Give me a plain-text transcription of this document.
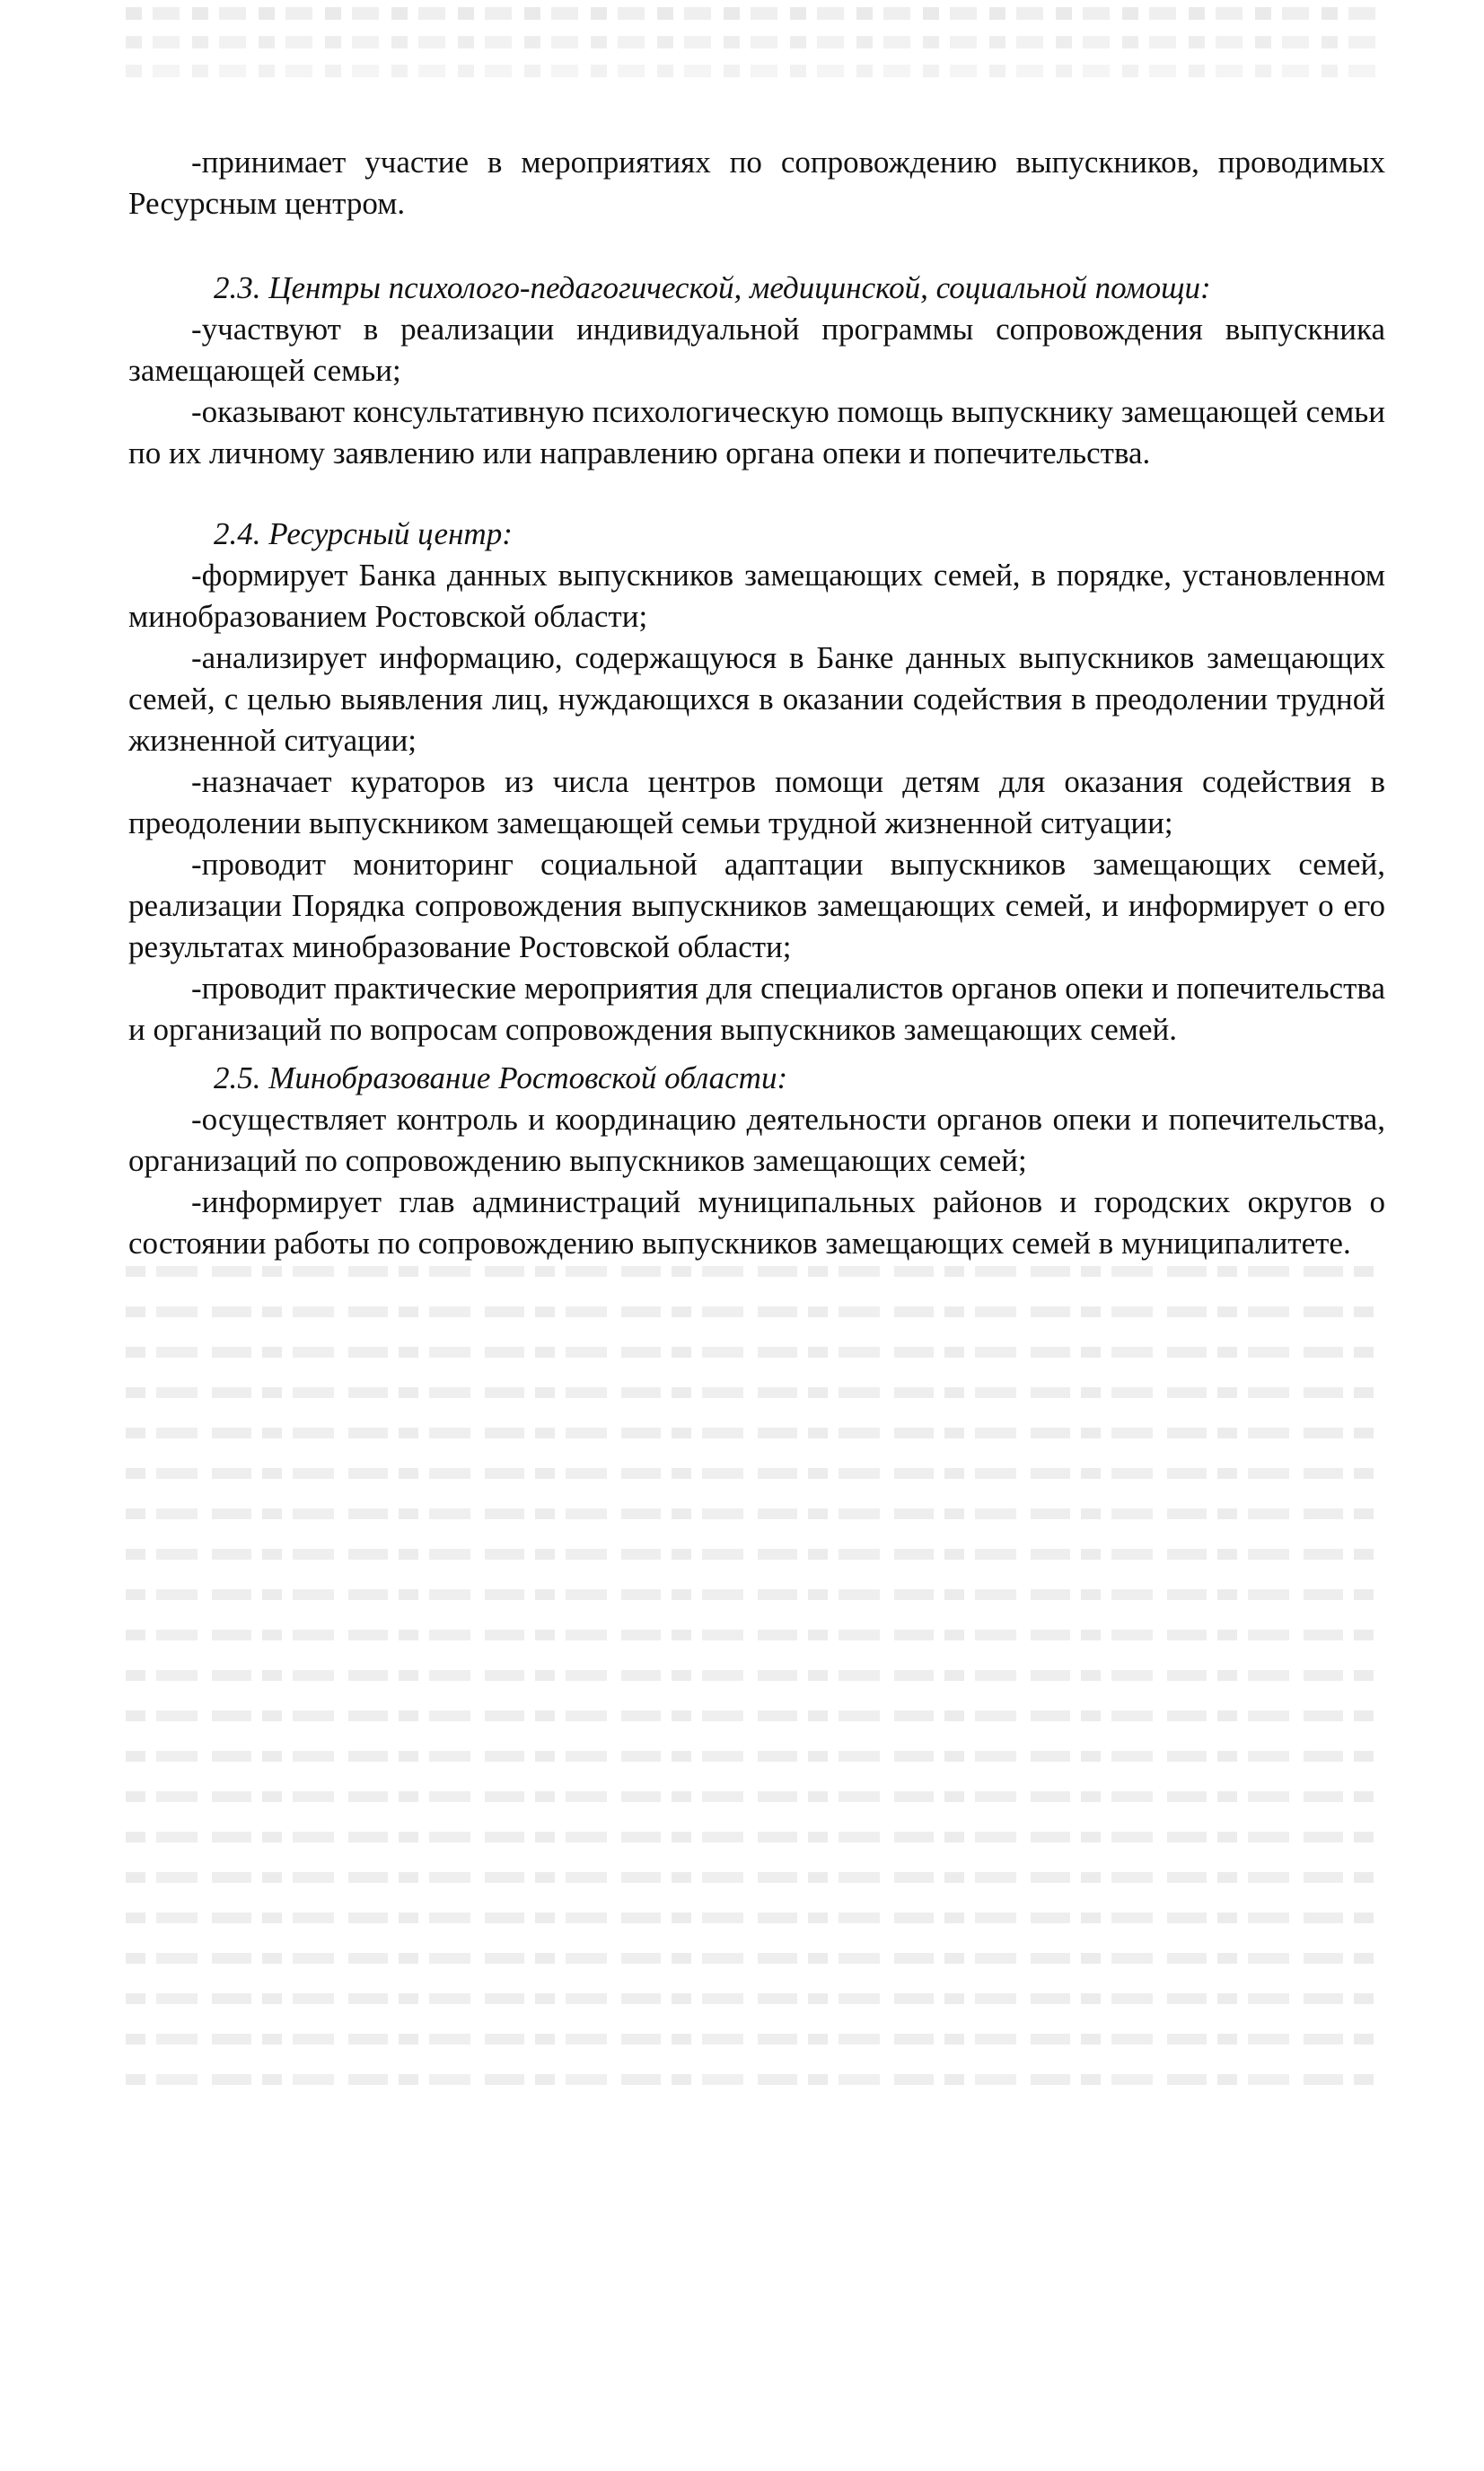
-принимает участие в мероприятиях по сопровождению выпускников, проводимых Ресурсным центром.

2.3. Центры психолого-педагогической, медицинской, социальной помощи:

-участвуют в реализации индивидуальной программы сопровождения выпускника замещающей семьи;

-оказывают консультативную психологическую помощь выпускнику замещающей семьи по их личному заявлению или направлению органа опеки и попечительства.

2.4. Ресурсный центр:

-формирует Банка данных выпускников замещающих семей, в порядке, установленном минобразованием Ростовской области;

-анализирует информацию, содержащуюся в Банке данных выпускников замещающих семей, с целью выявления лиц, нуждающихся в оказании содействия в преодолении трудной жизненной ситуации;

-назначает кураторов из числа центров помощи детям для оказания содействия в преодолении выпускником замещающей семьи трудной жизненной ситуации;

-проводит мониторинг социальной адаптации выпускников замещающих семей, реализации Порядка сопровождения выпускников замещающих семей, и информирует о его результатах минобразование Ростовской области;

-проводит практические мероприятия для специалистов органов опеки и попечительства и организаций по вопросам сопровождения выпускников замещающих семей.

2.5. Минобразование Ростовской области:

-осуществляет контроль и координацию деятельности органов опеки и попечительства, организаций по сопровождению выпускников замещающих семей;

-информирует глав администраций муниципальных районов и городских округов о состоянии работы по сопровождению выпускников замещающих семей в муниципалитете.
